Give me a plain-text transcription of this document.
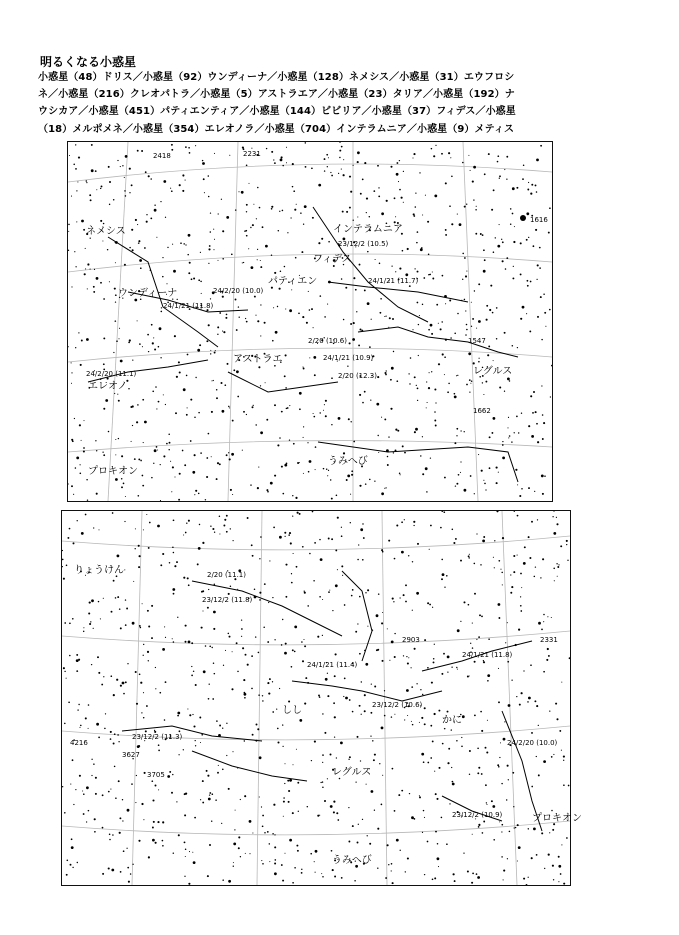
明るくなる小惑星
小惑星（48）ドリス／小惑星（92）ウンディーナ／小惑星（128）ネメシス／小惑星（31）エウフロシ
ネ／小惑星（216）クレオパトラ／小惑星（5）アストラエア／小惑星（23）タリア／小惑星（192）ナ
ウシカア／小惑星（451）パティエンティア／小惑星（144）ビビリア／小惑星（37）フィデス／小惑星
（18）メルポメネ／小惑星（354）エレオノラ／小惑星（704）インテラムニア／小惑星（9）メティス
ネメシス
ウンディーナ
エレオノ
アストラエ
インテラムニア
フィデス
パティエン
プロキオン
レグルス
うみへび
23/12/2 (10.5)
24/1/21 (11.8)
24/2/20 (11.1)
24/1/21 (10.9)
2/20 (12.3)
24/1/21 (11.7)
2/20 (10.6)
24/2/20 (10.0)
1616
1547
1662
2231
2418
りょうけん
しし
レグルス
うみへび
プロキオン
かに
2/20 (11.1)
23/12/2 (11.8)
24/1/21 (11.4)
23/12/2 (10.6)
24/1/21 (11.8)
23/12/2 (11.3)
24/2/20 (10.0)
23/12/2 (10.9)
3627
2903	2331
3705
4216
